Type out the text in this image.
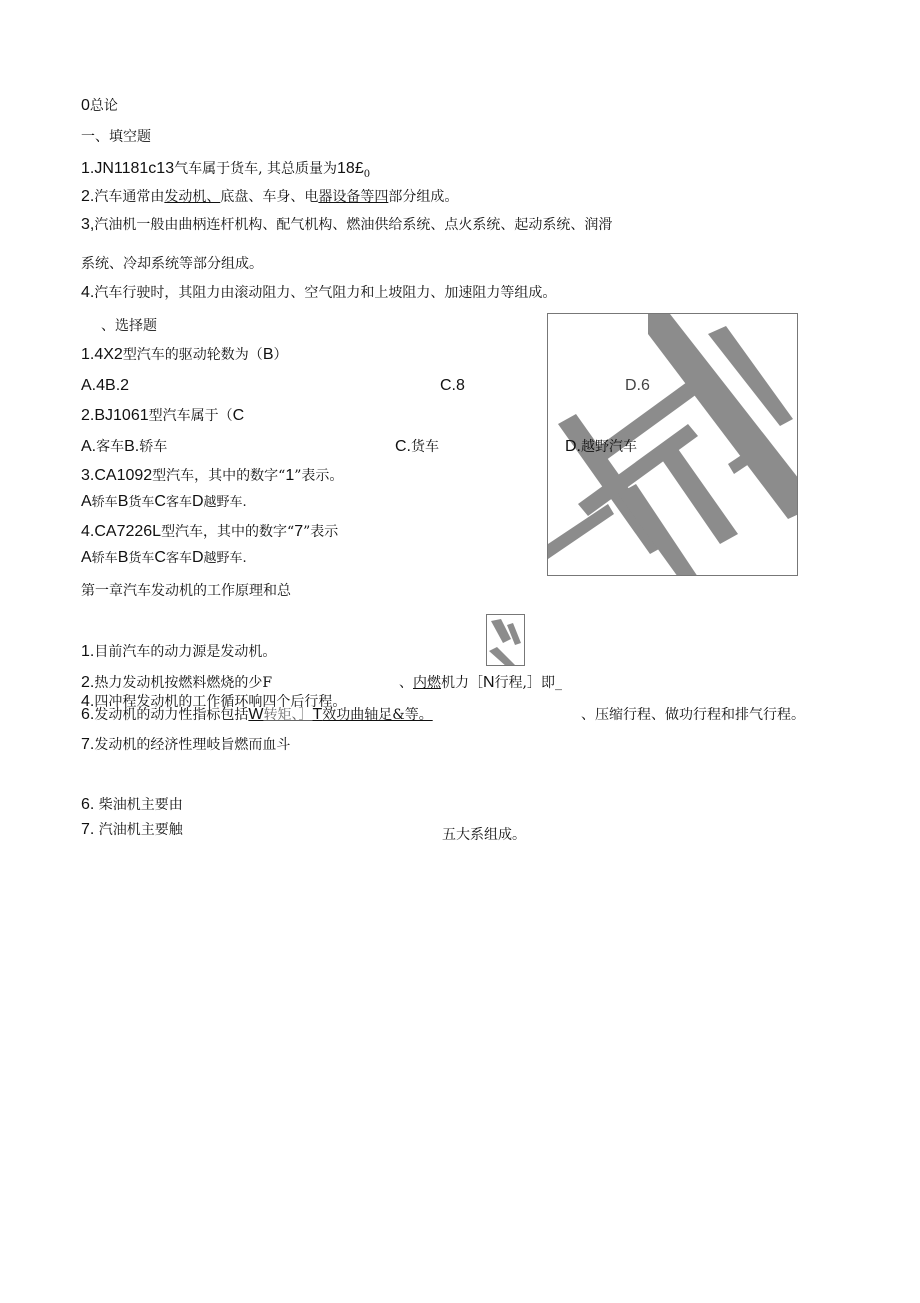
0总论
一、填空题
1.JN1181c13气车属于货车, 其总质量为$18£_0$
2.汽车通常由发动机、底盘、车身、电器设备等四部分组成。
3,汽油机一般由曲柄连杆机构、配气机构、燃油供给系统、点火系统、起动系统、润滑
系统、冷却系统等部分组成。
4.汽车行驶时，其阻力由滚动阻力、空气阻力和上坡阻力、加速阻力等组成。
、选择题
1.4X2型汽车的驱动轮数为（B）
A.4B.2	C.8
2.BJ1061型汽车属于（C
A.客车B.轿车	C.货车
3.CA1092型汽车，其中的数字“1”表示。
A轿车B货车C客车D越野车.
4.CA7226L型汽车，其中的数字“7”表示
A轿车B货车C客车D越野车.
D.6
D.越野汽车
第一章汽车发动机的工作原理和总
1.目前汽车的动力源是发动机。
2.热力发动机按燃料燃烧的少F	、内燃机力［N行程,］即_
4.四冲程发动机的工作循环响四个后行程。
6.发动机的动力性指标包括W转矩、］T效功曲轴足&等。	、压缩行程、做功行程和排气行程。
7.发动机的经济性理岐旨燃而血斗
6. 柴油机主要由
7. 汽油机主要触	五大系组成。
